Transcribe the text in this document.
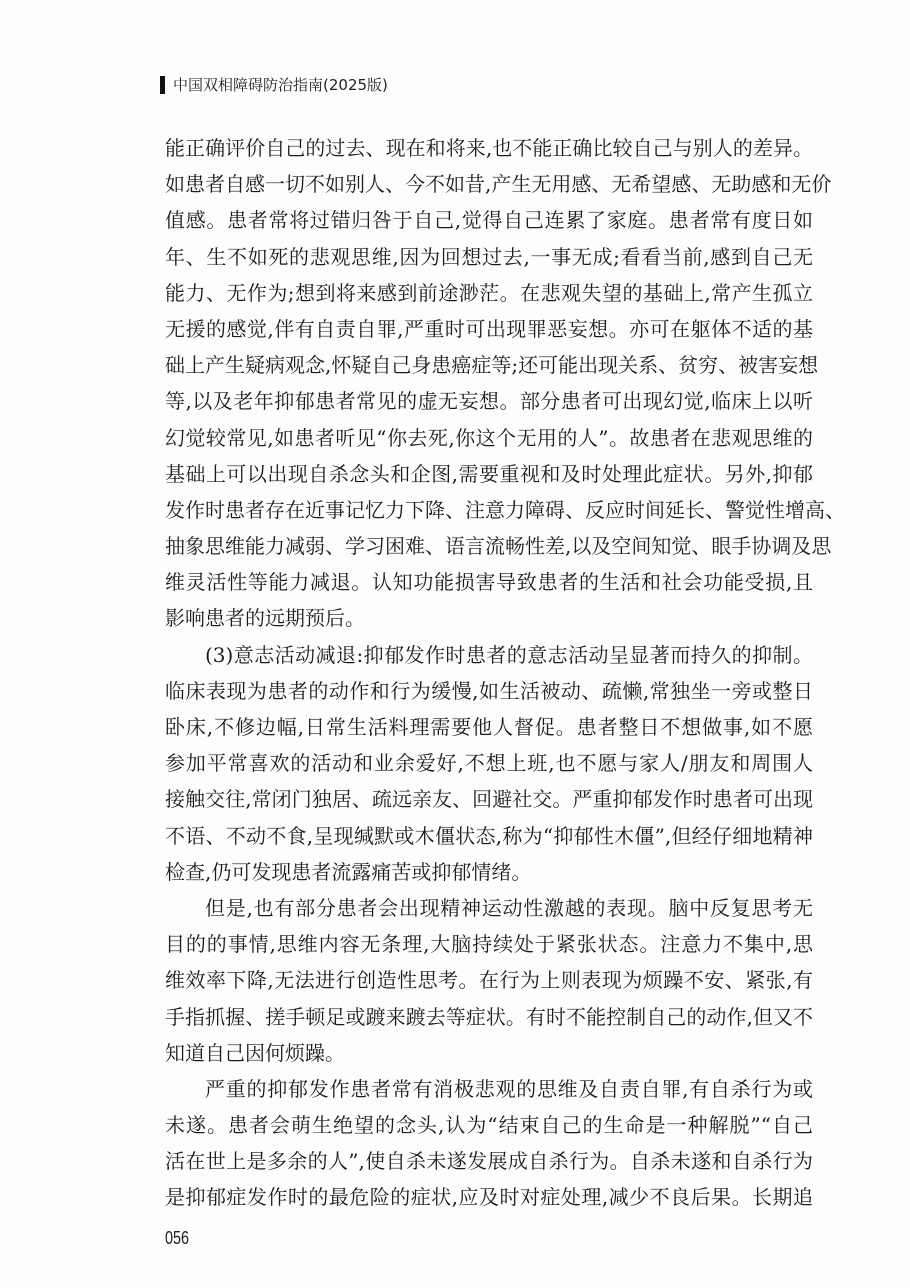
中国双相障碍防治指南(2025版)
能正确评价自己的过去、现在和将来,也不能正确比较自己与别人的差异。
如患者自感一切不如别人、今不如昔,产生无用感、无希望感、无助感和无价
值感。患者常将过错归咎于自己,觉得自己连累了家庭。患者常有度日如
年、生不如死的悲观思维,因为回想过去,一事无成;看看当前,感到自己无
能力、无作为;想到将来感到前途渺茫。在悲观失望的基础上,常产生孤立
无援的感觉,伴有自责自罪,严重时可出现罪恶妄想。亦可在躯体不适的基
础上产生疑病观念,怀疑自己身患癌症等;还可能出现关系、贫穷、被害妄想
等,以及老年抑郁患者常见的虚无妄想。部分患者可出现幻觉,临床上以听
幻觉较常见,如患者听见“你去死,你这个无用的人”。故患者在悲观思维的
基础上可以出现自杀念头和企图,需要重视和及时处理此症状。另外,抑郁
发作时患者存在近事记忆力下降、注意力障碍、反应时间延长、警觉性增高、
抽象思维能力减弱、学习困难、语言流畅性差,以及空间知觉、眼手协调及思
维灵活性等能力减退。认知功能损害导致患者的生活和社会功能受损,且
影响患者的远期预后。
(3)意志活动减退:抑郁发作时患者的意志活动呈显著而持久的抑制。
临床表现为患者的动作和行为缓慢,如生活被动、疏懒,常独坐一旁或整日
卧床,不修边幅,日常生活料理需要他人督促。患者整日不想做事,如不愿
参加平常喜欢的活动和业余爱好,不想上班,也不愿与家人/朋友和周围人
接触交往,常闭门独居、疏远亲友、回避社交。严重抑郁发作时患者可出现
不语、不动不食,呈现缄默或木僵状态,称为“抑郁性木僵”,但经仔细地精神
检查,仍可发现患者流露痛苦或抑郁情绪。
但是,也有部分患者会出现精神运动性激越的表现。脑中反复思考无
目的的事情,思维内容无条理,大脑持续处于紧张状态。注意力不集中,思
维效率下降,无法进行创造性思考。在行为上则表现为烦躁不安、紧张,有
手指抓握、搓手顿足或踱来踱去等症状。有时不能控制自己的动作,但又不
知道自己因何烦躁。
严重的抑郁发作患者常有消极悲观的思维及自责自罪,有自杀行为或
未遂。患者会萌生绝望的念头,认为“结束自己的生命是一种解脱”“自己
活在世上是多余的人”,使自杀未遂发展成自杀行为。自杀未遂和自杀行为
是抑郁症发作时的最危险的症状,应及时对症处理,减少不良后果。长期追
056
